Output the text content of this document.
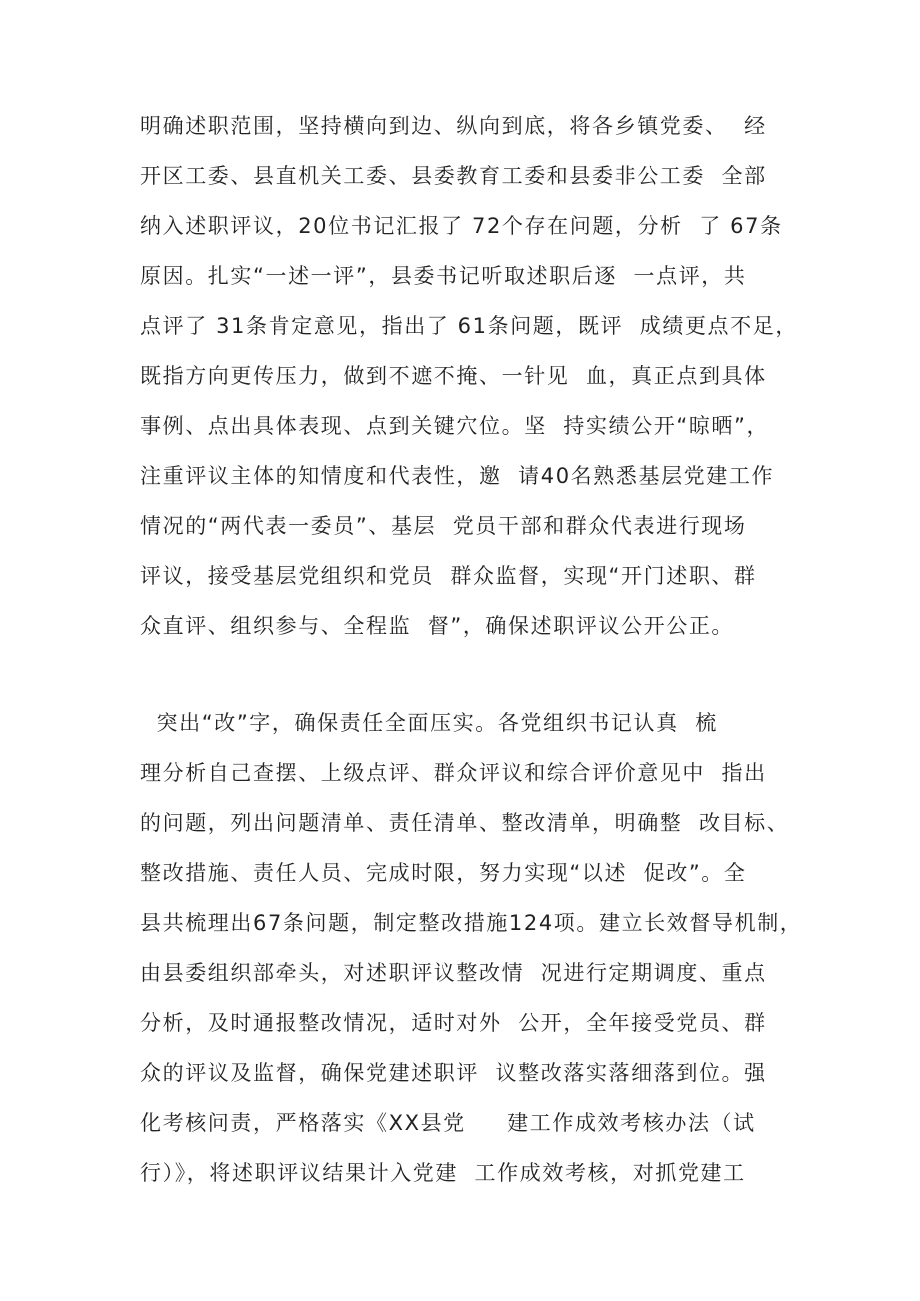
明确述职范围，坚持横向到边、纵向到底，将各乡镇党委、  经

开区工委、县直机关工委、县委教育工委和县委非公工委  全部

纳入述职评议，20位书记汇报了 72个存在问题，分析  了 67条

原因。扎实“一述一评”，县委书记听取述职后逐  一点评，共

点评了 31条肯定意见，指出了 61条问题，既评  成绩更点不足，

既指方向更传压力，做到不遮不掩、一针见  血，真正点到具体

事例、点出具体表现、点到关键穴位。坚  持实绩公开“晾晒”，

注重评议主体的知情度和代表性，邀  请40名熟悉基层党建工作

情况的“两代表一委员”、基层  党员干部和群众代表进行现场

评议，接受基层党组织和党员  群众监督，实现“开门述职、群

众直评、组织参与、全程监  督”，确保述职评议公开公正。

突出“改”字，确保责任全面压实。各党组织书记认真  梳

理分析自己查摆、上级点评、群众评议和综合评价意见中  指出

的问题，列出问题清单、责任清单、整改清单，明确整  改目标、

整改措施、责任人员、完成时限，努力实现“以述  促改”。全

县共梳理出67条问题，制定整改措施124项。建立长效督导机制，

由县委组织部牵头，对述职评议整改情  况进行定期调度、重点

分析，及时通报整改情况，适时对外  公开，全年接受党员、群

众的评议及监督，确保党建述职评  议整改落实落细落到位。强

化考核问责，严格落实《XX县党     建工作成效考核办法（试

行）》，将述职评议结果计入党建  工作成效考核，对抓党建工
